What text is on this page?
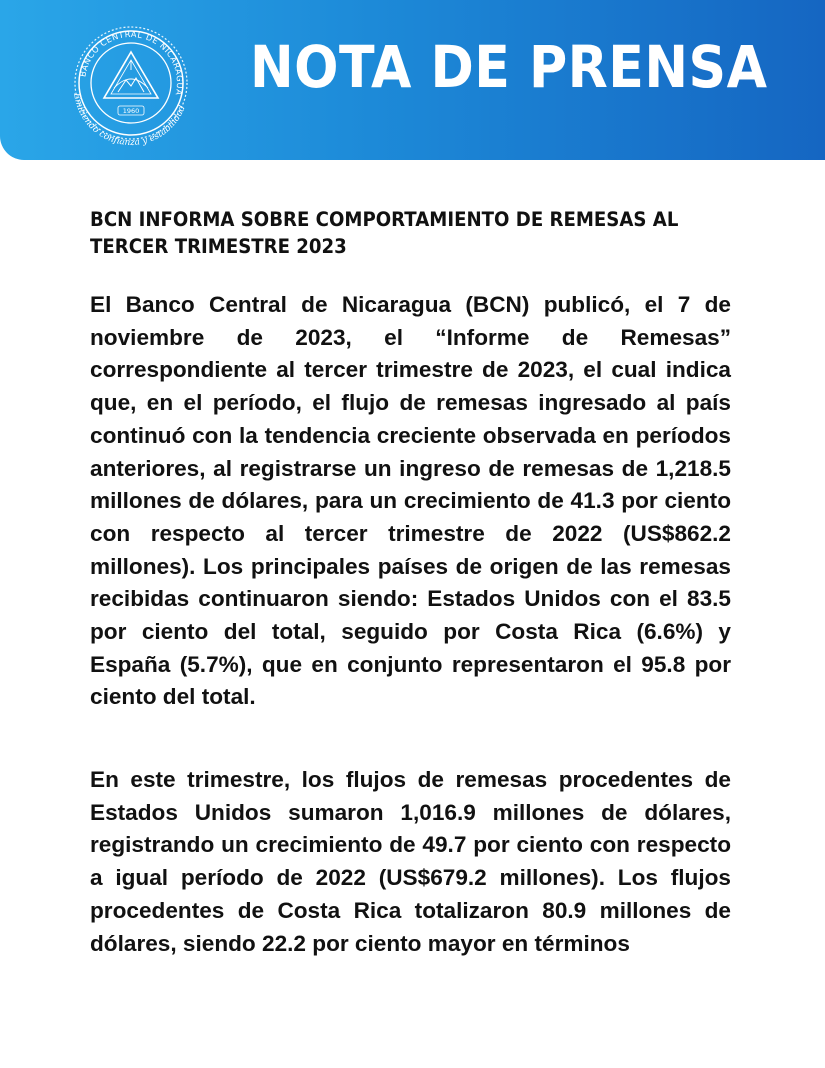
BANCO CENTRAL DE NICARAGUA
1960
Emitiendo confianza y estabilidad
NOTA DE PRENSA
BCN INFORMA SOBRE COMPORTAMIENTO DE REMESAS AL TERCER TRIMESTRE 2023

El Banco Central de Nicaragua (BCN) publicó, el 7 de noviembre de 2023, el “Informe de Remesas” correspondiente al tercer trimestre de 2023, el cual indica que, en el período, el flujo de remesas ingresado al país continuó con la tendencia creciente observada en períodos anteriores, al registrarse un ingreso de remesas de 1,218.5 millones de dólares, para un crecimiento de 41.3 por ciento con respecto al tercer trimestre de 2022 (US$862.2 millones). Los principales países de origen de las remesas recibidas continuaron siendo: Estados Unidos con el 83.5 por ciento del total, seguido por Costa Rica (6.6%) y España (5.7%), que en conjunto representaron el 95.8 por ciento del total.

En este trimestre, los flujos de remesas procedentes de Estados Unidos sumaron 1,016.9 millones de dólares, registrando un crecimiento de 49.7 por ciento con respecto a igual período de 2022 (US$679.2 millones). Los flujos procedentes de Costa Rica totalizaron 80.9 millones de dólares, siendo 22.2 por ciento mayor en términos
